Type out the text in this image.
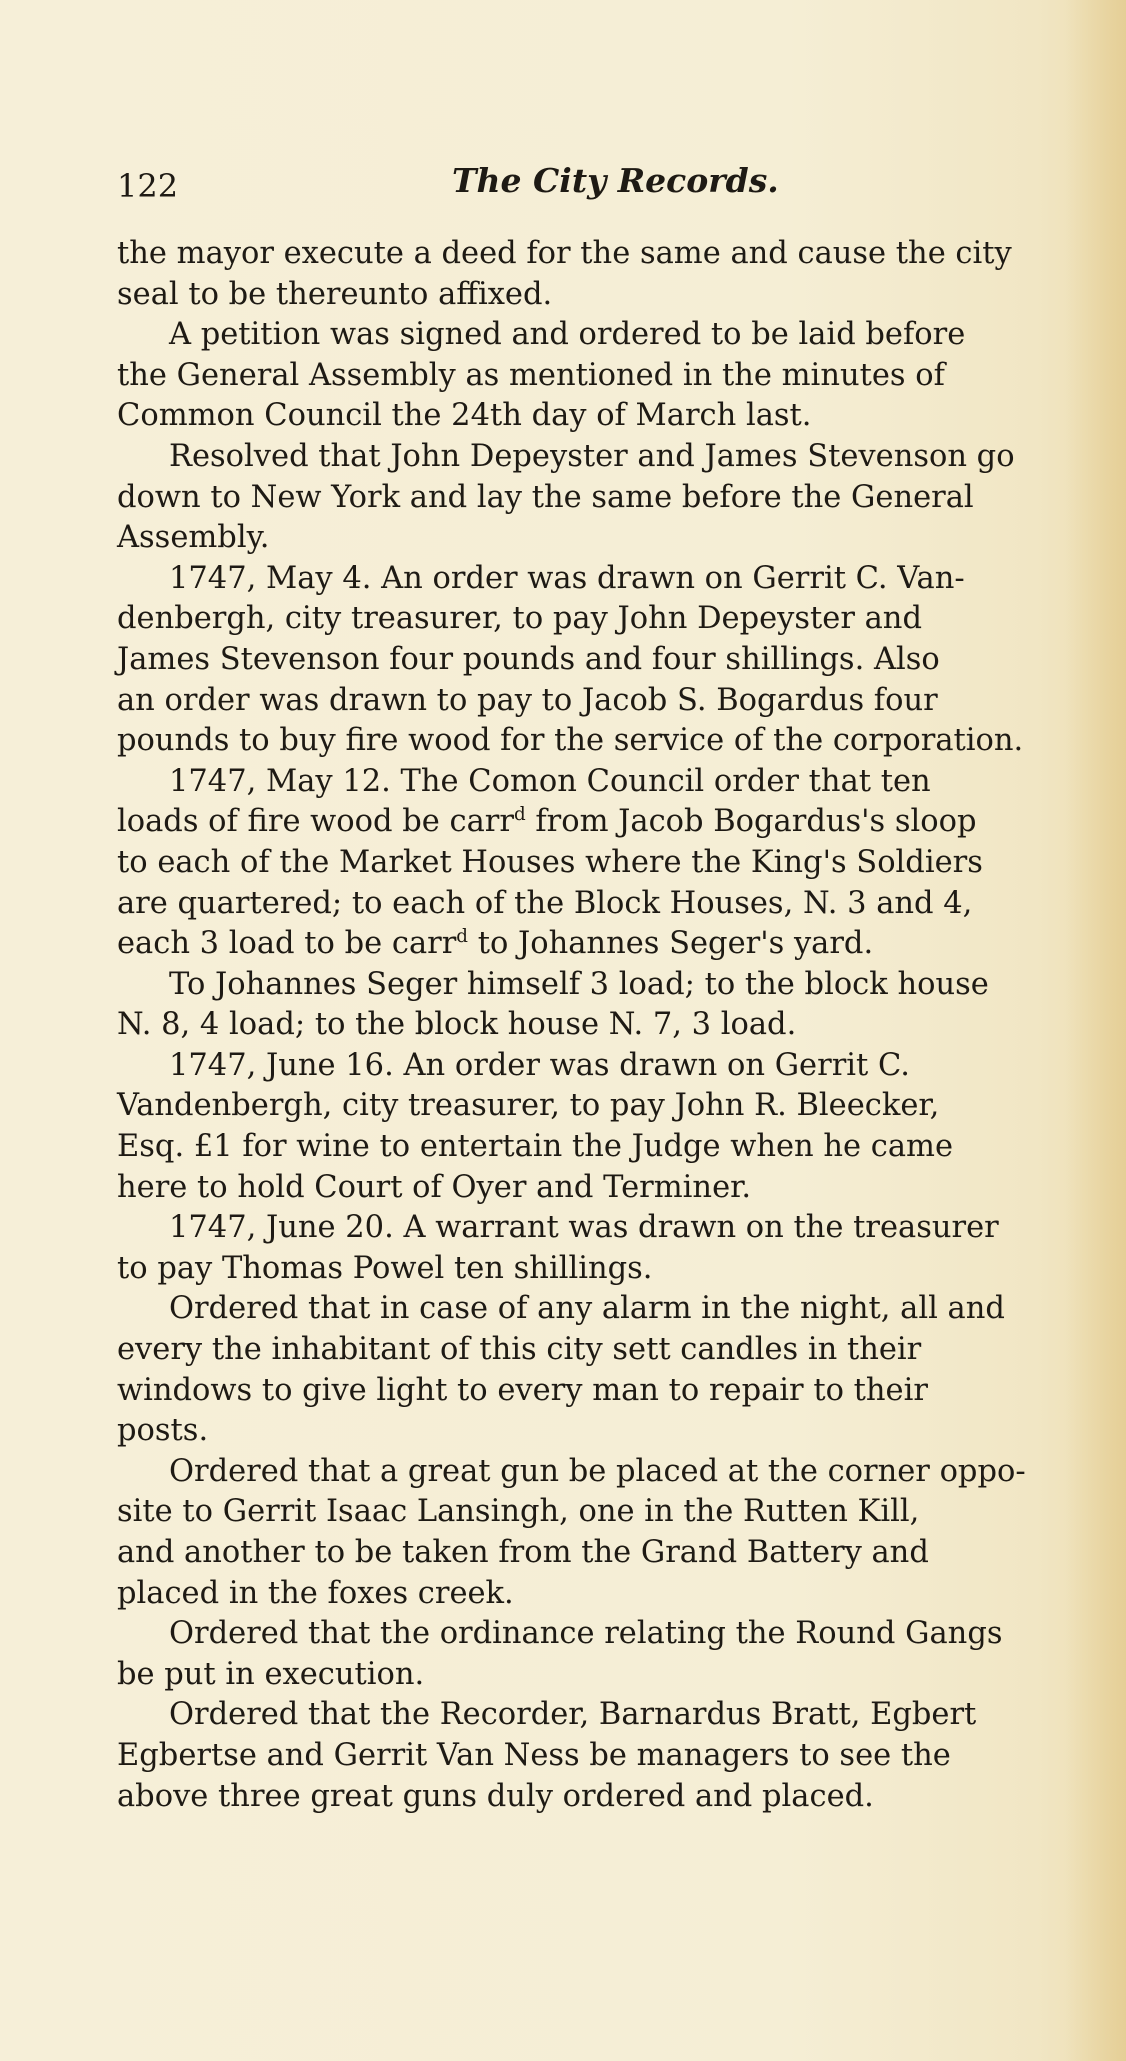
122	The City Records.
the mayor execute a deed for the same and cause the city
seal to be thereunto affixed.
A petition was signed and ordered to be laid before
the General Assembly as mentioned in the minutes of
Common Council the 24th day of March last.
Resolved that John Depeyster and James Stevenson go
down to New York and lay the same before the General
Assembly.
1747, May 4. An order was drawn on Gerrit C. Van-
denbergh, city treasurer, to pay John Depeyster and
James Stevenson four pounds and four shillings. Also
an order was drawn to pay to Jacob S. Bogardus four
pounds to buy fire wood for the service of the corporation.
1747, May 12. The Comon Council order that ten
loads of fire wood be carr$^d$ from Jacob Bogardus's sloop
to each of the Market Houses where the King's Soldiers
are quartered; to each of the Block Houses, N. 3 and 4,
each 3 load to be carr$^d$ to Johannes Seger's yard.
To Johannes Seger himself 3 load; to the block house
N. 8, 4 load; to the block house N. 7, 3 load.
1747, June 16. An order was drawn on Gerrit C.
Vandenbergh, city treasurer, to pay John R. Bleecker,
Esq. £1 for wine to entertain the Judge when he came
here to hold Court of Oyer and Terminer.
1747, June 20. A warrant was drawn on the treasurer
to pay Thomas Powel ten shillings.
Ordered that in case of any alarm in the night, all and
every the inhabitant of this city sett candles in their
windows to give light to every man to repair to their
posts.
Ordered that a great gun be placed at the corner oppo-
site to Gerrit Isaac Lansingh, one in the Rutten Kill,
and another to be taken from the Grand Battery and
placed in the foxes creek.
Ordered that the ordinance relating the Round Gangs
be put in execution.
Ordered that the Recorder, Barnardus Bratt, Egbert
Egbertse and Gerrit Van Ness be managers to see the
above three great guns duly ordered and placed.
